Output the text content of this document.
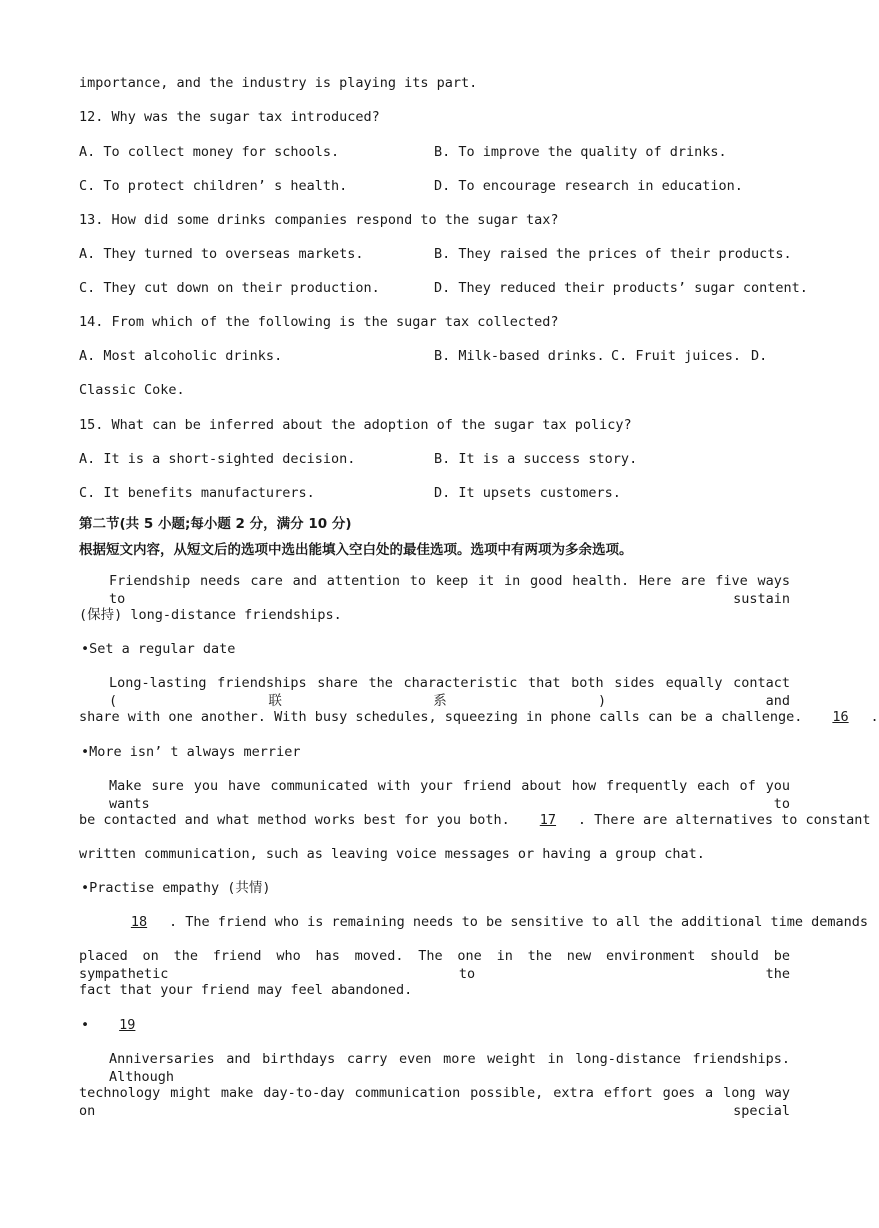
importance, and the industry is playing its part.
12. Why was the sugar tax introduced?
A. To collect money for schools.	B. To improve the quality of drinks.
C. To protect children’ s health.	D. To encourage research in education.
13. How did some drinks companies respond to the sugar tax?
A. They turned to overseas markets.	B. They raised the prices of their products.
C. They cut down on their production.	D. They reduced their products’ sugar content.
14. From which of the following is the sugar tax collected?
A. Most alcoholic drinks.	B. Milk-based drinks. C. Fruit juices. D.
Classic Coke.
15. What can be inferred about the adoption of the sugar tax policy?
A. It is a short-sighted decision.	B. It is a success story.
C. It benefits manufacturers.	D. It upsets customers.
第二节(共 5 小题;每小题 2 分，满分 10 分)
根据短文内容，从短文后的选项中选出能填入空白处的最佳选项。选项中有两项为多余选项。
Friendship needs care and attention to keep it in good health. Here are five ways to sustain
(保持) long-distance friendships.
•Set a regular date
Long-lasting friendships share the characteristic that both sides equally contact (联系) and
share with one another. With busy schedules, squeezing in phone calls can be a challenge. 16 .
•More isn’ t always merrier
Make sure you have communicated with your friend about how frequently each of you wants to
be contacted and what method works best for you both. 17 . There are alternatives to constant
written communication, such as leaving voice messages or having a group chat.
•Practise empathy (共情)
18 . The friend who is remaining needs to be sensitive to all the additional time demands
placed on the friend who has moved. The one in the new environment should be sympathetic to the
fact that your friend may feel abandoned.
• 19
Anniversaries and birthdays carry even more weight in long-distance friendships. Although
technology might make day-to-day communication possible, extra effort goes a long way on special
